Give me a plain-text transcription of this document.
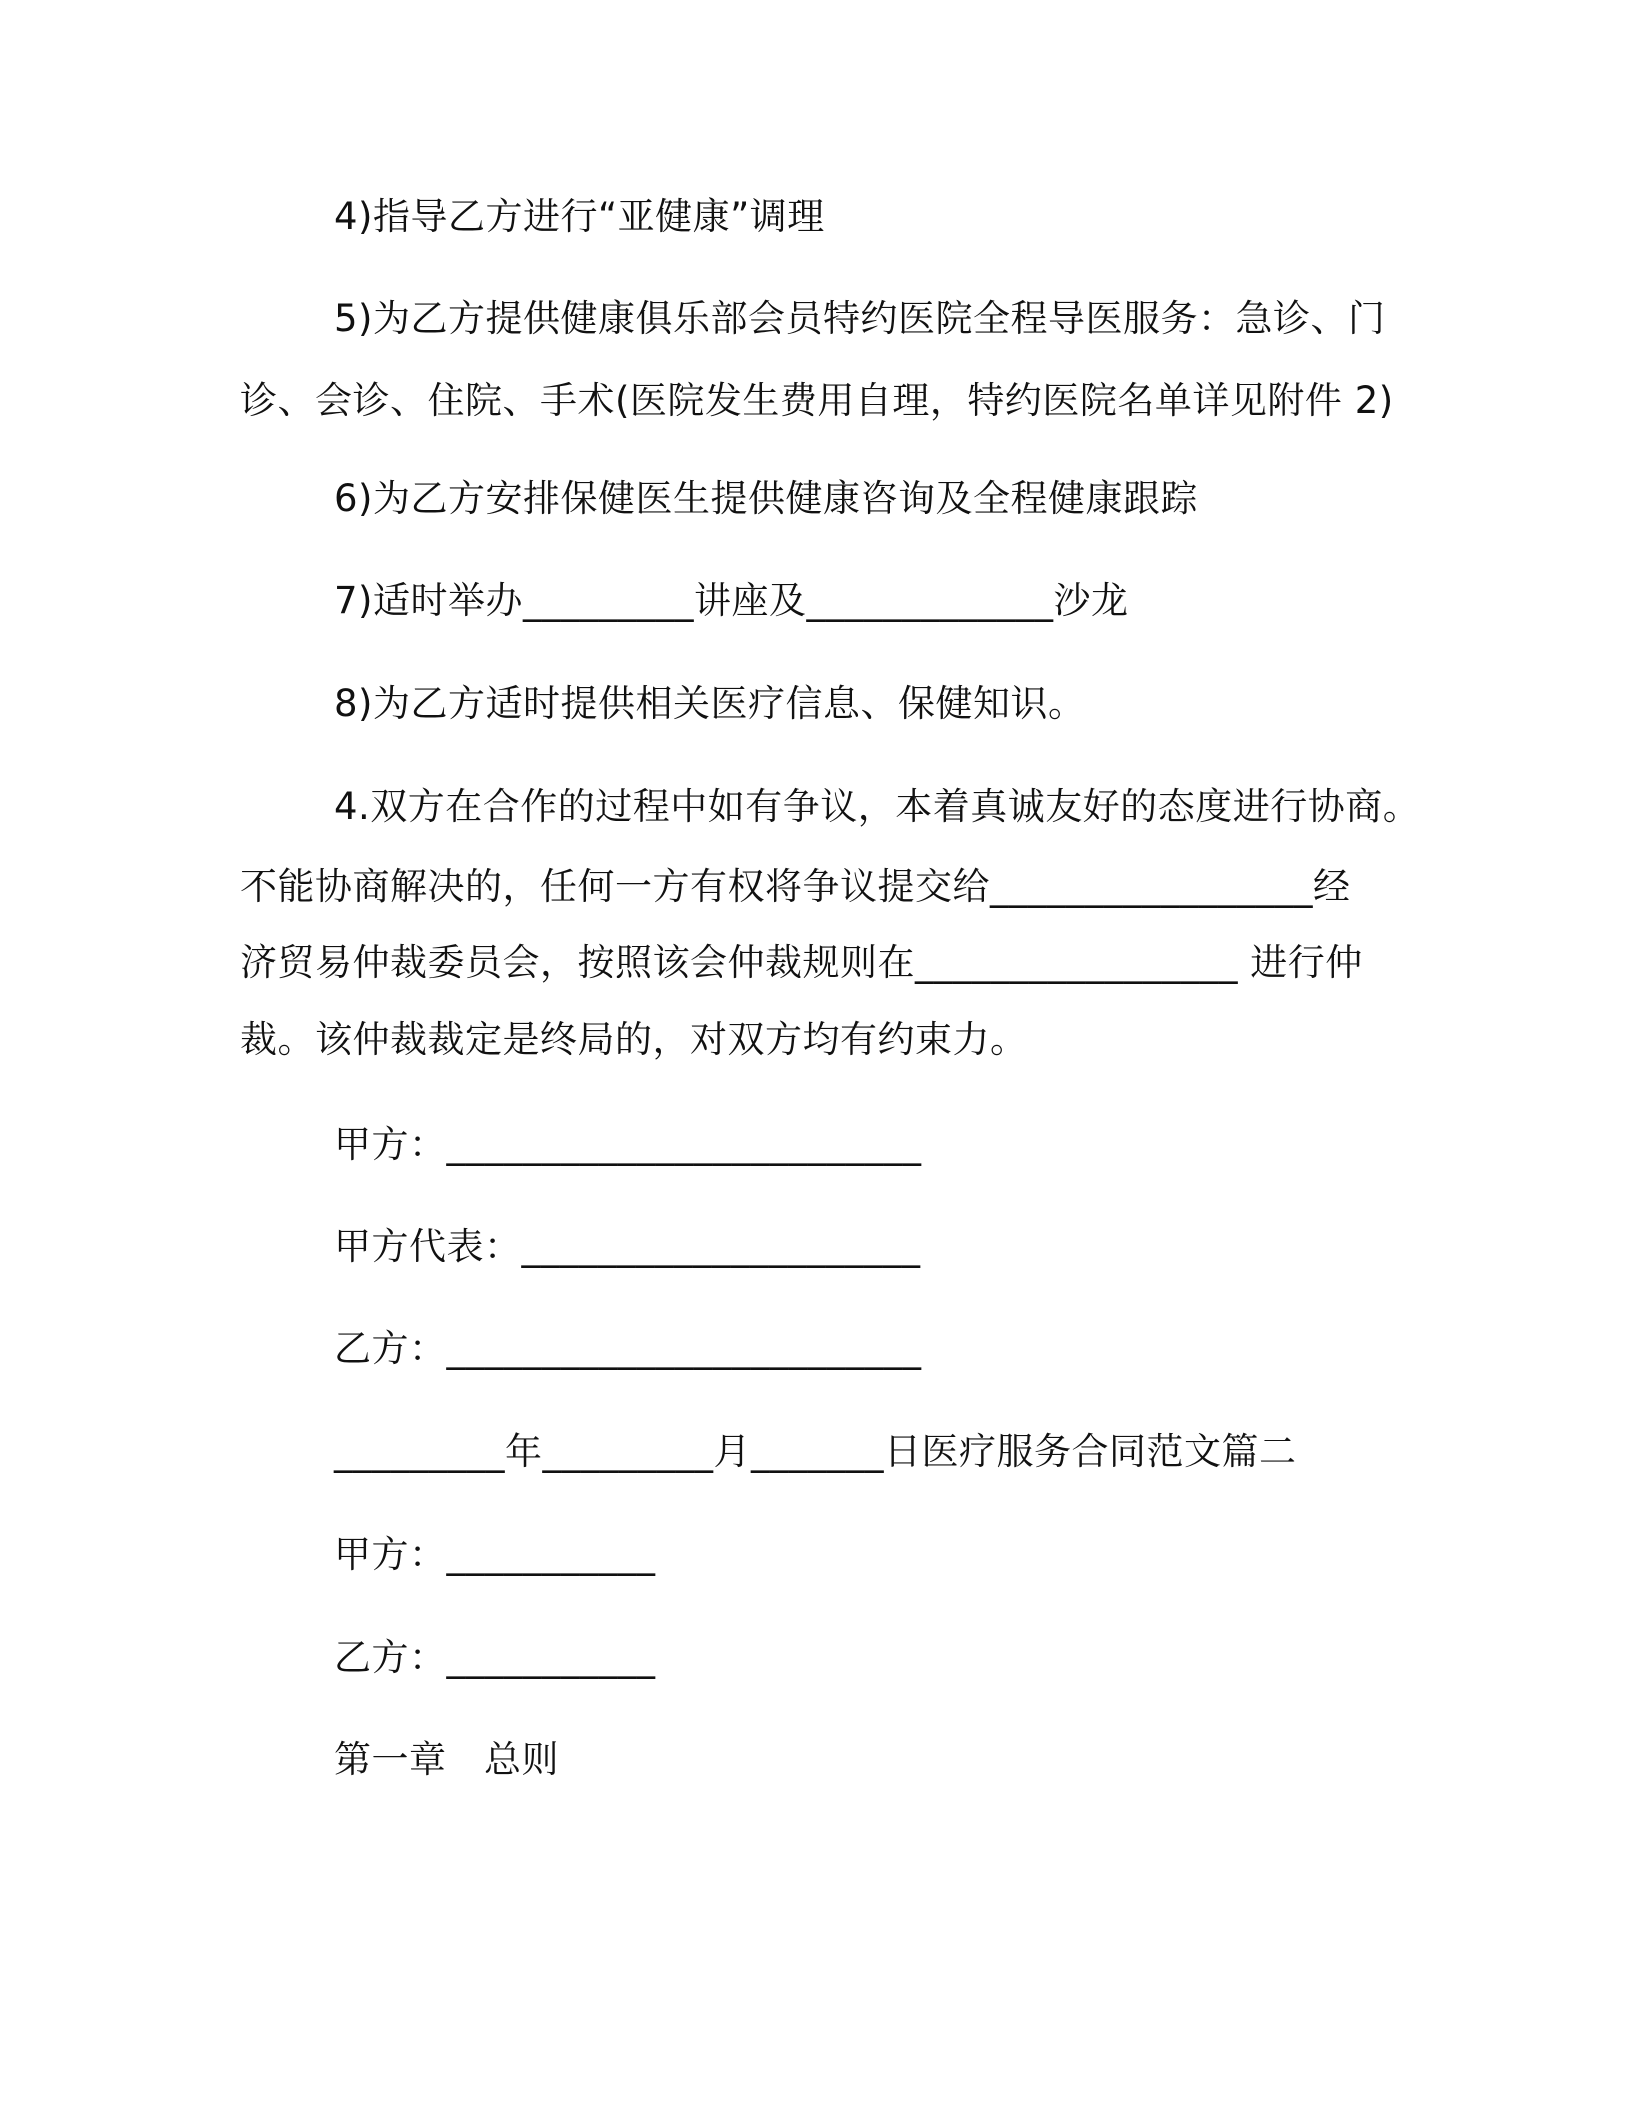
4)指导乙方进行“亚健康”调理
5)为乙方提供健康俱乐部会员特约医院全程导医服务：急诊、门
诊、会诊、住院、手术(医院发生费用自理，特约医院名单详见附件 2)
6)为乙方安排保健医生提供健康咨询及全程健康跟踪
7)适时举办_________讲座及_____________沙龙
8)为乙方适时提供相关医疗信息、保健知识。
4.双方在合作的过程中如有争议，本着真诚友好的态度进行协商。
不能协商解决的，任何一方有权将争议提交给_________________经
济贸易仲裁委员会，按照该会仲裁规则在_________________ 进行仲
裁。该仲裁裁定是终局的，对双方均有约束力。
甲方：_________________________
甲方代表：_____________________
乙方：_________________________
_________年_________月_______日医疗服务合同范文篇二
甲方：___________
乙方：___________
第一章　总则
